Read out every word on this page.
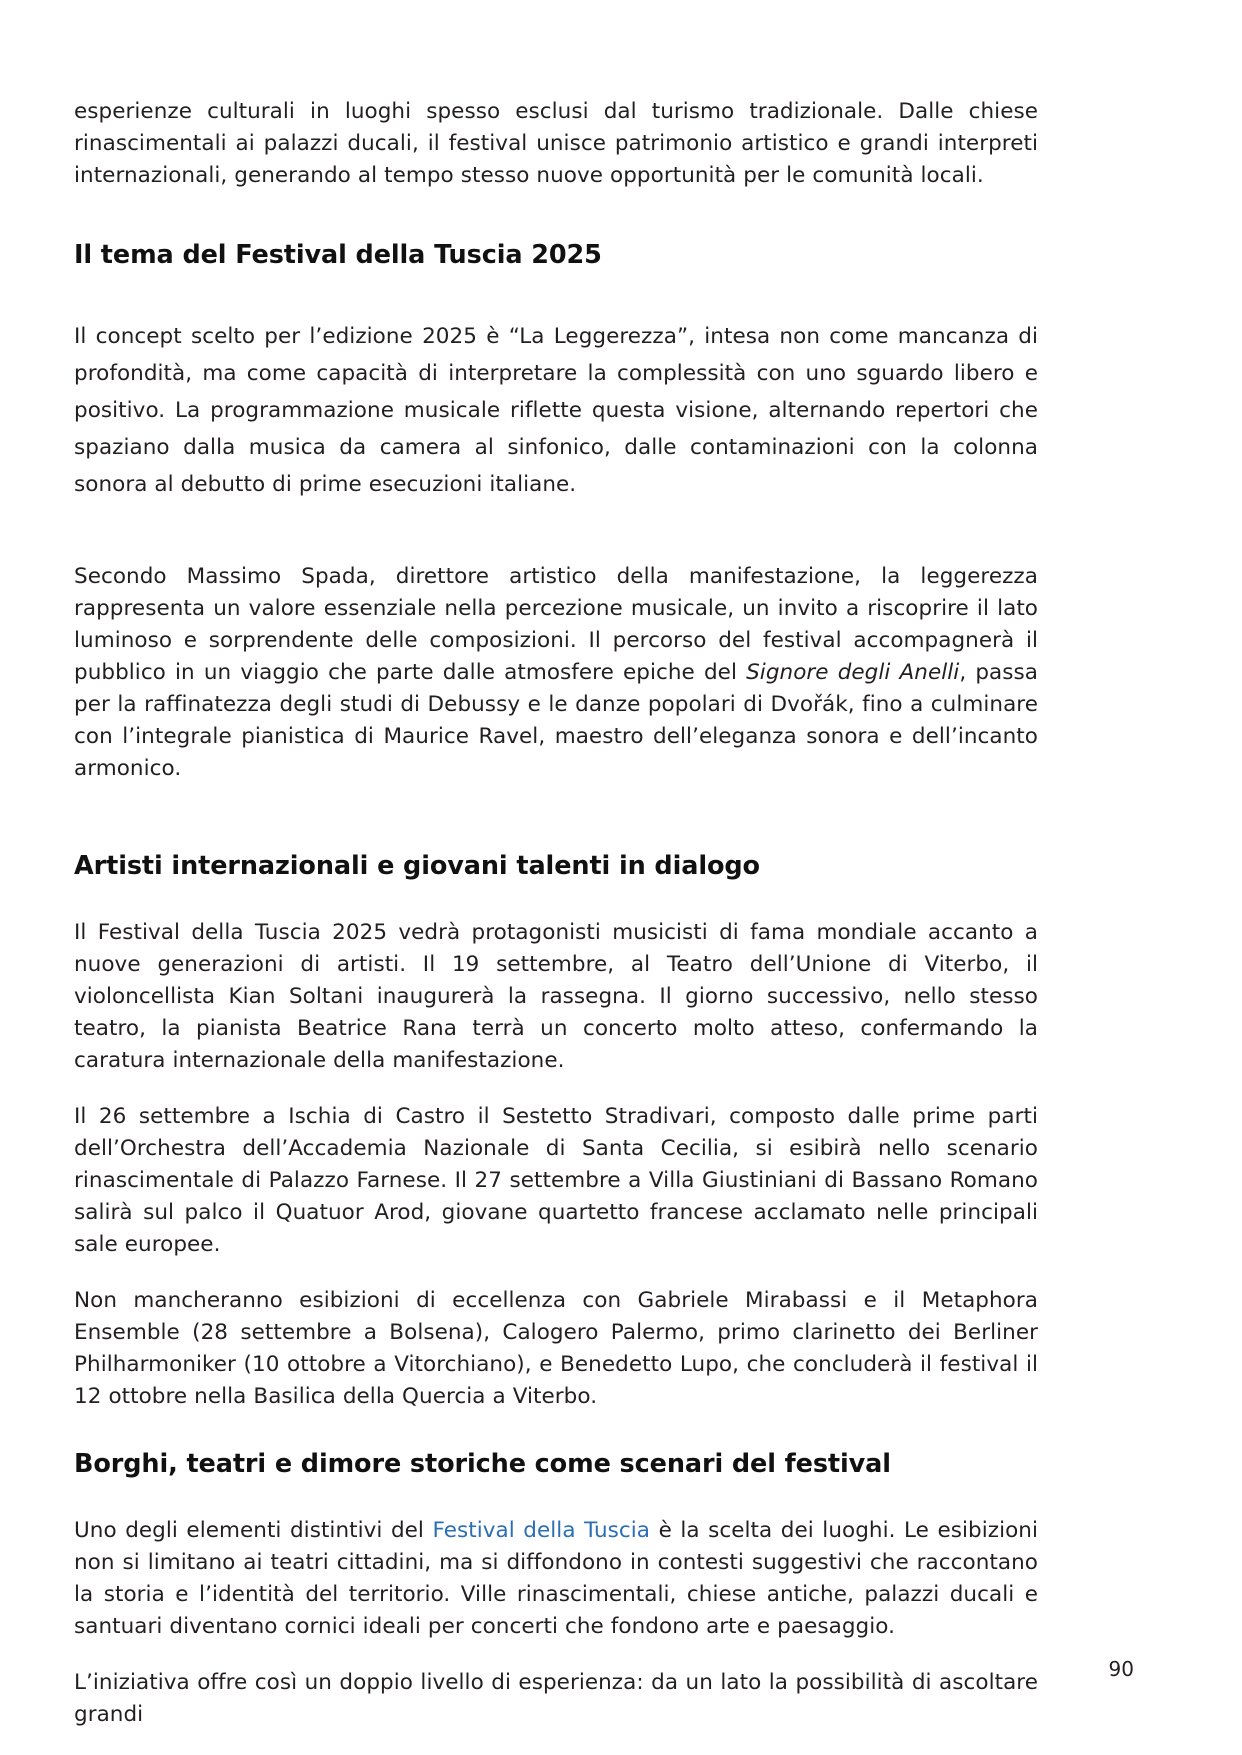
esperienze culturali in luoghi spesso esclusi dal turismo tradizionale. Dalle chiese rinascimentali ai palazzi ducali, il festival unisce patrimonio artistico e grandi interpreti internazionali, generando al tempo stesso nuove opportunità per le comunità locali.

Il tema del Festival della Tuscia 2025

Il concept scelto per l’edizione 2025 è “La Leggerezza”, intesa non come mancanza di profondità, ma come capacità di interpretare la complessità con uno sguardo libero e positivo. La programmazione musicale riflette questa visione, alternando repertori che spaziano dalla musica da camera al sinfonico, dalle contaminazioni con la colonna sonora al debutto di prime esecuzioni italiane.

Secondo Massimo Spada, direttore artistico della manifestazione, la leggerezza rappresenta un valore essenziale nella percezione musicale, un invito a riscoprire il lato luminoso e sorprendente delle composizioni. Il percorso del festival accompagnerà il pubblico in un viaggio che parte dalle atmosfere epiche del Signore degli Anelli, passa per la raffinatezza degli studi di Debussy e le danze popolari di Dvořák, fino a culminare con l’integrale pianistica di Maurice Ravel, maestro dell’eleganza sonora e dell’incanto armonico.

Artisti internazionali e giovani talenti in dialogo

Il Festival della Tuscia 2025 vedrà protagonisti musicisti di fama mondiale accanto a nuove generazioni di artisti. Il 19 settembre, al Teatro dell’Unione di Viterbo, il violoncellista Kian Soltani inaugurerà la rassegna. Il giorno successivo, nello stesso teatro, la pianista Beatrice Rana terrà un concerto molto atteso, confermando la caratura internazionale della manifestazione.

Il 26 settembre a Ischia di Castro il Sestetto Stradivari, composto dalle prime parti dell’Orchestra dell’Accademia Nazionale di Santa Cecilia, si esibirà nello scenario rinascimentale di Palazzo Farnese. Il 27 settembre a Villa Giustiniani di Bassano Romano salirà sul palco il Quatuor Arod, giovane quartetto francese acclamato nelle principali sale europee.

Non mancheranno esibizioni di eccellenza con Gabriele Mirabassi e il Metaphora Ensemble (28 settembre a Bolsena), Calogero Palermo, primo clarinetto dei Berliner Philharmoniker (10 ottobre a Vitorchiano), e Benedetto Lupo, che concluderà il festival il 12 ottobre nella Basilica della Quercia a Viterbo.

Borghi, teatri e dimore storiche come scenari del festival

Uno degli elementi distintivi del Festival della Tuscia è la scelta dei luoghi. Le esibizioni non si limitano ai teatri cittadini, ma si diffondono in contesti suggestivi che raccontano la storia e l’identità del territorio. Ville rinascimentali, chiese antiche, palazzi ducali e santuari diventano cornici ideali per concerti che fondono arte e paesaggio.

L’iniziativa offre così un doppio livello di esperienza: da un lato la possibilità di ascoltare grandi

90
